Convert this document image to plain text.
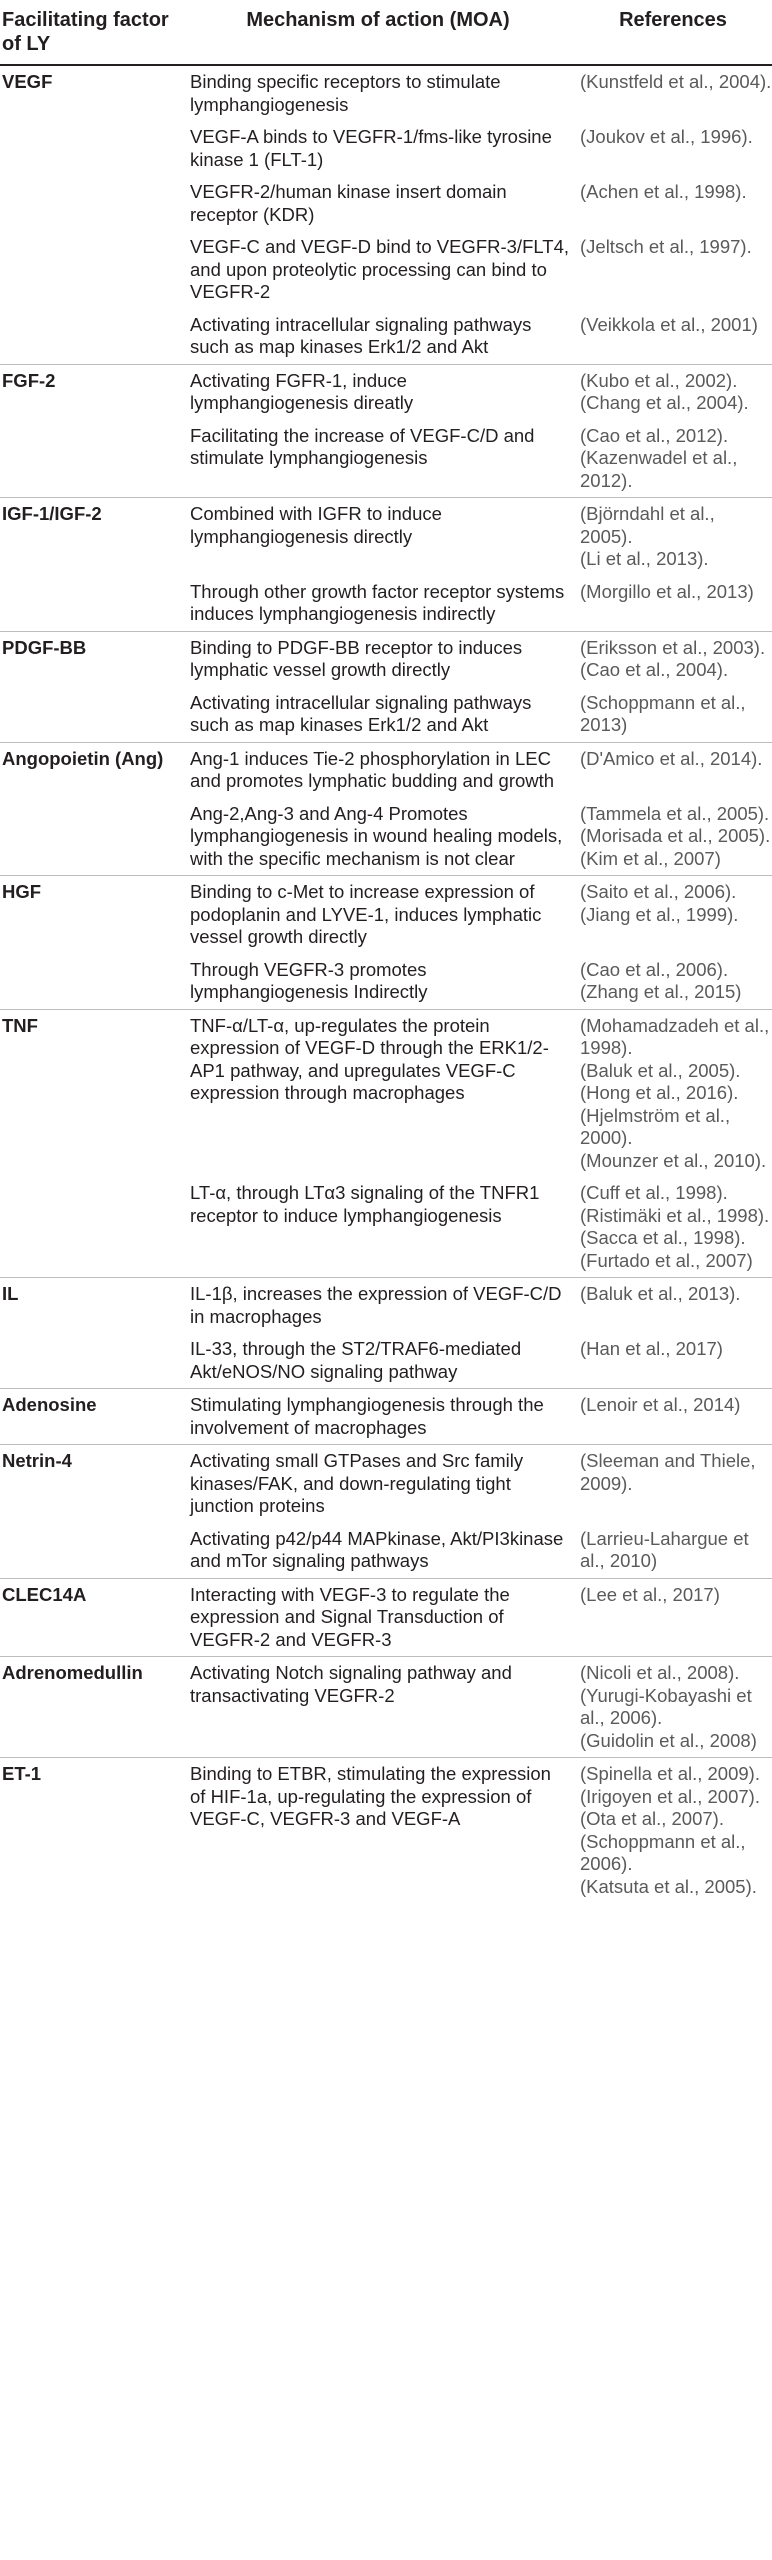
Facilitating factor of LY	Mechanism of action (MOA)	References
VEGF	Binding specific receptors to stimulate lymphangiogenesis	(Kunstfeld et al., 2004).

	VEGF-A binds to VEGFR-1/fms-like tyrosine kinase 1 (FLT-1)	(Joukov et al., 1996).

	VEGFR-2/human kinase insert domain receptor (KDR)	(Achen et al., 1998).

	VEGF-C and VEGF-D bind to VEGFR-3/FLT4, and upon proteolytic processing can bind to VEGFR-2	(Jeltsch et al., 1997).

	Activating intracellular signaling pathways such as map kinases Erk1/2 and Akt	(Veikkola et al., 2001)

FGF-2	Activating FGFR-1, induce lymphangiogenesis direatly	(Kubo et al., 2002).
(Chang et al., 2004).

	Facilitating the increase of VEGF-C/D and stimulate lymphangiogenesis	(Cao et al., 2012).
(Kazenwadel et al., 2012).

IGF-1/IGF-2	Combined with IGFR to induce lymphangiogenesis directly	(Björndahl et al., 2005).
(Li et al., 2013).

	Through other growth factor receptor systems induces lymphangiogenesis indirectly	(Morgillo et al., 2013)

PDGF-BB	Binding to PDGF-BB receptor to induces lymphatic vessel growth directly	(Eriksson et al., 2003).
(Cao et al., 2004).

	Activating intracellular signaling pathways such as map kinases Erk1/2 and Akt	(Schoppmann et al., 2013)

Angopoietin (Ang)	Ang-1 induces Tie-2 phosphorylation in LEC and promotes lymphatic budding and growth	(D'Amico et al., 2014).

	Ang-2,Ang-3 and Ang-4 Promotes lymphangiogenesis in wound healing models, with the specific mechanism is not clear	(Tammela et al., 2005).
(Morisada et al., 2005).
(Kim et al., 2007)

HGF	Binding to c-Met to increase expression of podoplanin and LYVE-1, induces lymphatic vessel growth directly	(Saito et al., 2006).
(Jiang et al., 1999).

	Through VEGFR-3 promotes lymphangiogenesis Indirectly	(Cao et al., 2006).
(Zhang et al., 2015)

TNF	TNF-α/LT-α, up-regulates the protein expression of VEGF-D through the ERK1/2-AP1 pathway, and upregulates VEGF-C expression through macrophages	(Mohamadzadeh et al., 1998).
(Baluk et al., 2005).
(Hong et al., 2016).
(Hjelmström et al., 2000).
(Mounzer et al., 2010).

	LT-α, through LTα3 signaling of the TNFR1 receptor to induce lymphangiogenesis	(Cuff et al., 1998).
(Ristimäki et al., 1998).
(Sacca et al., 1998).
(Furtado et al., 2007)

IL	IL-1β, increases the expression of VEGF-C/D in macrophages	(Baluk et al., 2013).

	IL-33, through the ST2/TRAF6-mediated Akt/eNOS/NO signaling pathway	(Han et al., 2017)

Adenosine	Stimulating lymphangiogenesis through the involvement of macrophages	(Lenoir et al., 2014)

Netrin-4	Activating small GTPases and Src family kinases/FAK, and down-regulating tight junction proteins	(Sleeman and Thiele, 2009).

	Activating p42/p44 MAPkinase, Akt/PI3kinase and mTor signaling pathways	(Larrieu-Lahargue et al., 2010)

CLEC14A	Interacting with VEGF-3 to regulate the expression and Signal Transduction of VEGFR-2 and VEGFR-3	(Lee et al., 2017)

Adrenomedullin	Activating Notch signaling pathway and transactivating VEGFR-2	(Nicoli et al., 2008).
(Yurugi-Kobayashi et al., 2006).
(Guidolin et al., 2008)

ET-1	Binding to ETBR, stimulating the expression of HIF-1a, up-regulating the expression of VEGF-C, VEGFR-3 and VEGF-A	(Spinella et al., 2009).
(Irigoyen et al., 2007).
(Ota et al., 2007).
(Schoppmann et al., 2006).
(Katsuta et al., 2005).
